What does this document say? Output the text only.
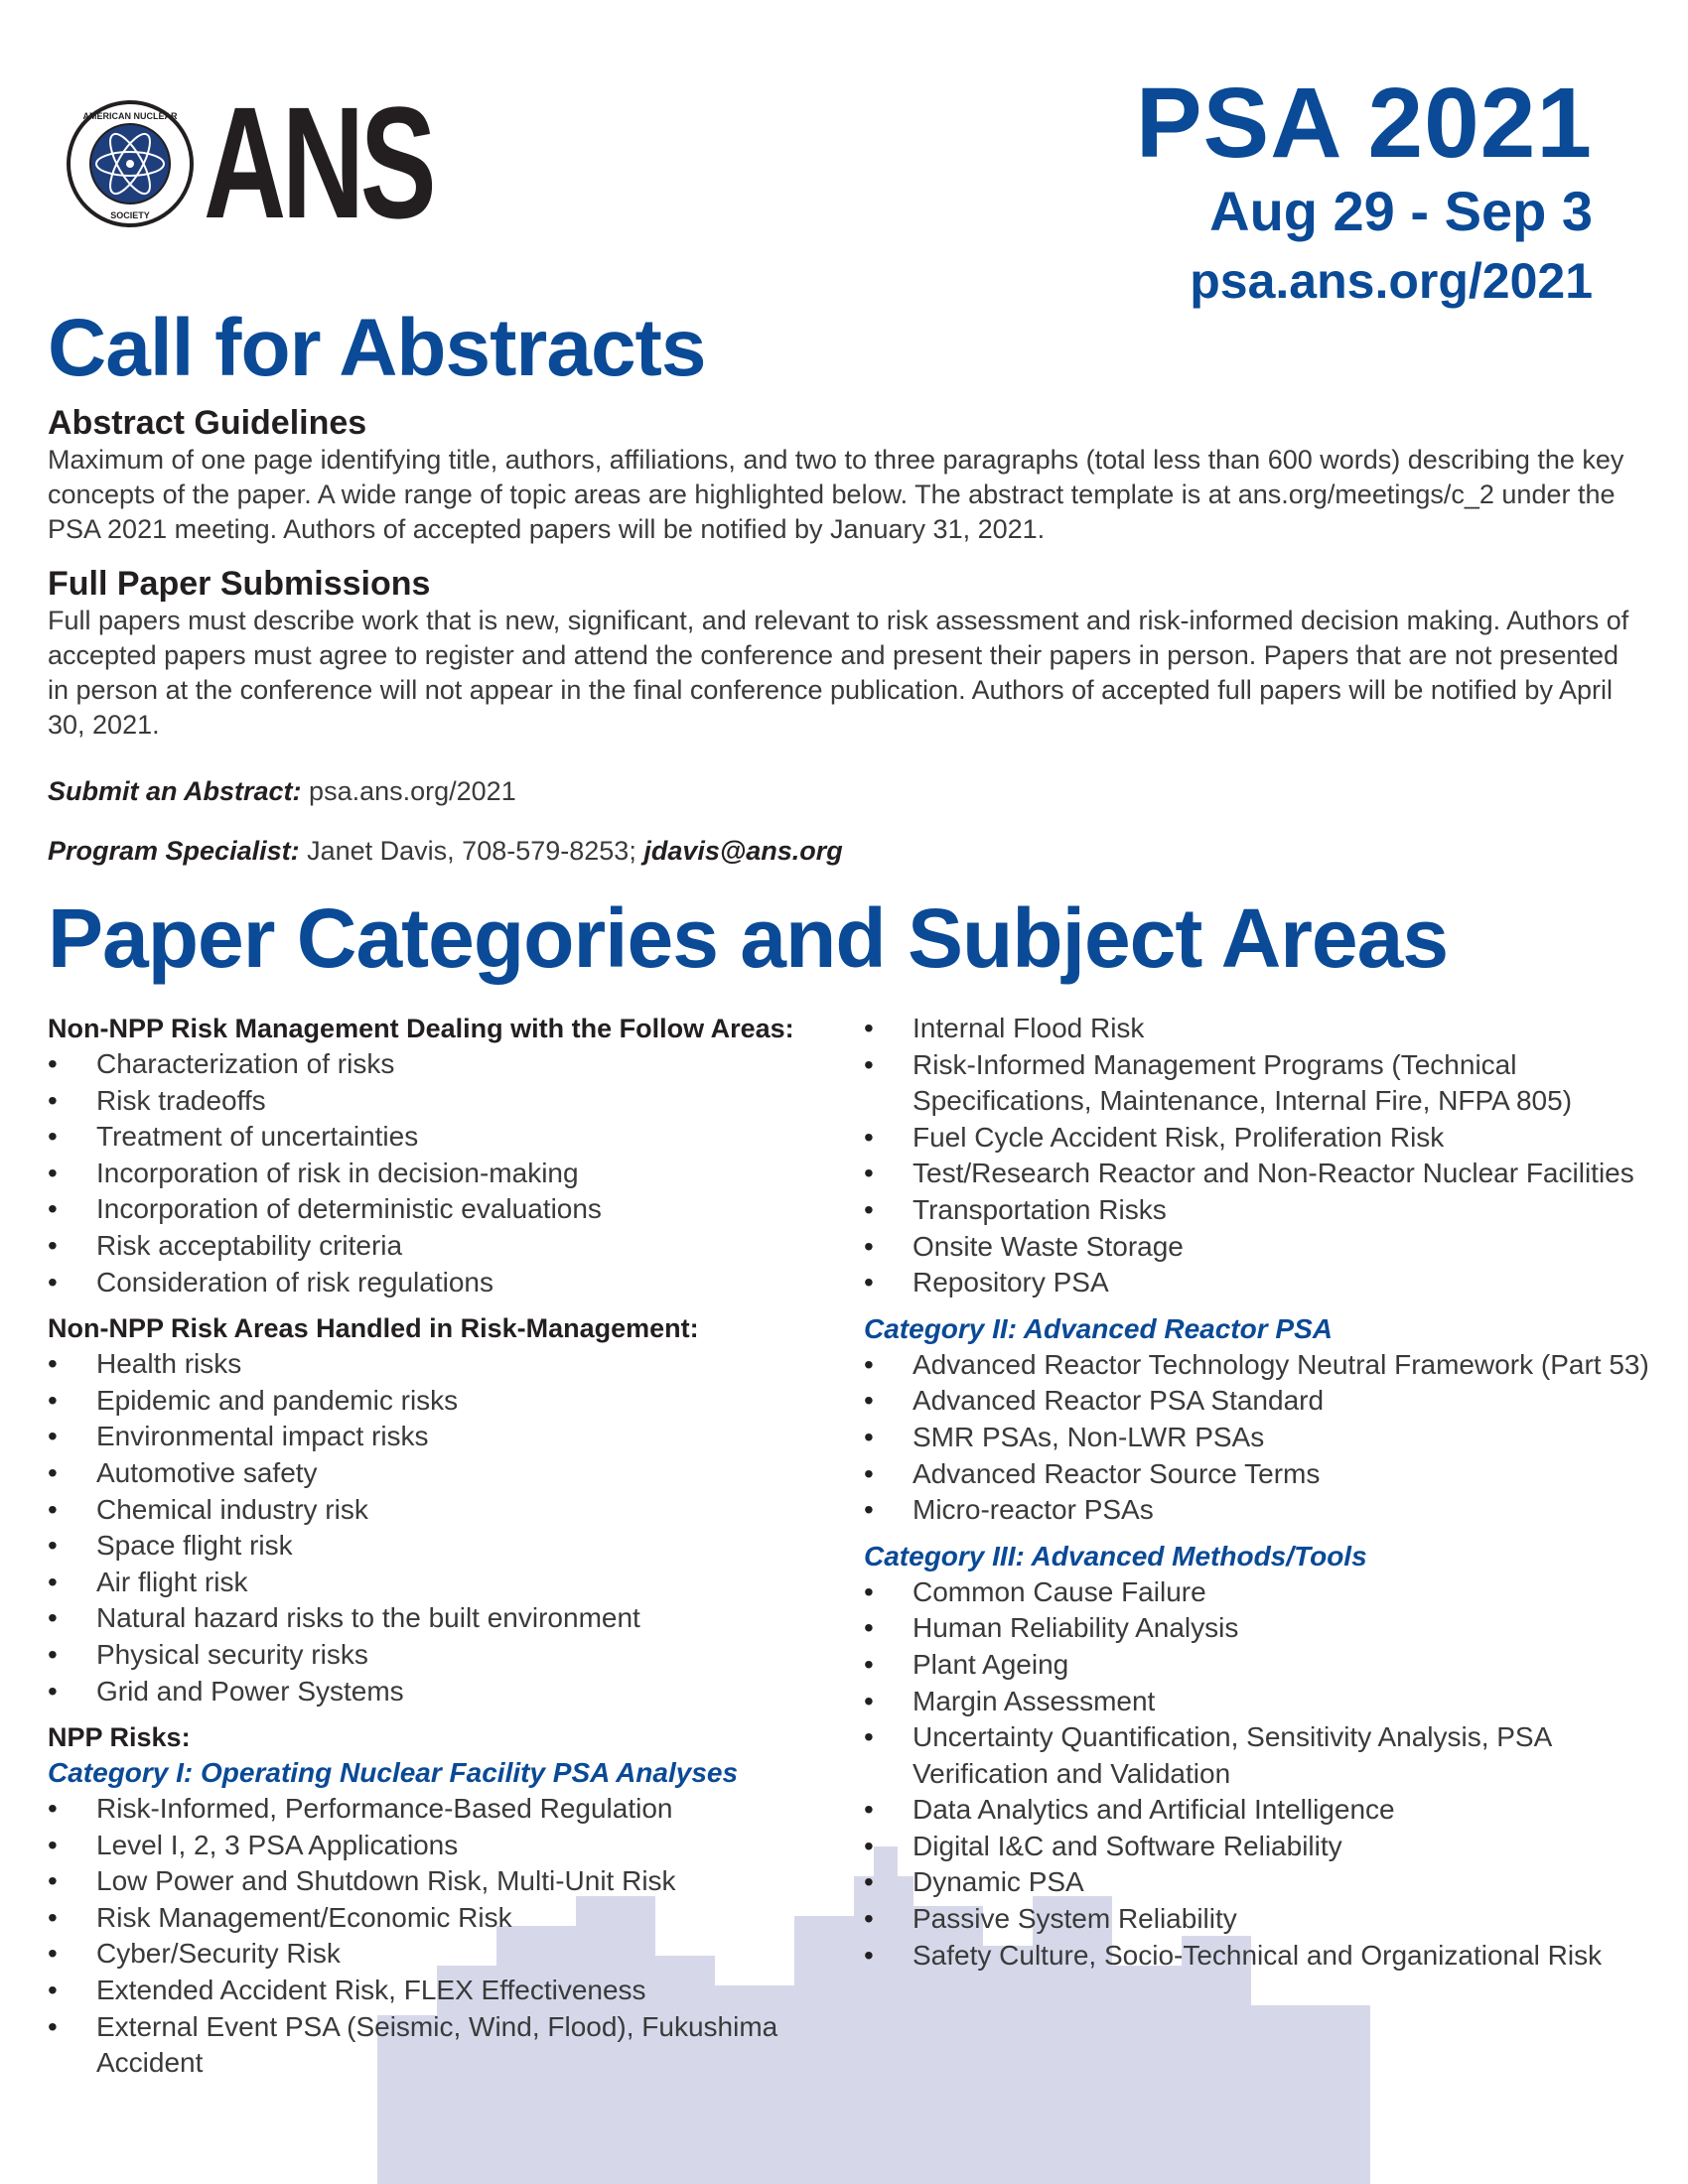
AMERICAN NUCLEAR
SOCIETY ANS	PSA 2021
Aug 29 - Sep 3
psa.ans.org/2021
Call for Abstracts
Abstract Guidelines

Maximum of one page identifying title, authors, affiliations, and two to three paragraphs (total less than 600 words) describing the key concepts of the paper. A wide range of topic areas are highlighted below. The abstract template is at ans.org/meetings/c_2 under the PSA 2021 meeting. Authors of accepted papers will be notified by January 31, 2021.

Full Paper Submissions

Full papers must describe work that is new, significant, and relevant to risk assessment and risk-informed decision making. Authors of accepted papers must agree to register and attend the conference and present their papers in person. Papers that are not presented in person at the conference will not appear in the final conference publication. Authors of accepted full papers will be notified by April 30, 2021.

Submit an Abstract: psa.ans.org/2021
Program Specialist: Janet Davis, 708-579-8253; jdavis@ans.org
Paper Categories and Subject Areas
Non-NPP Risk Management Dealing with the Follow Areas:
• Characterization of risks
• Risk tradeoffs
• Treatment of uncertainties
• Incorporation of risk in decision-making
• Incorporation of deterministic evaluations
• Risk acceptability criteria
• Consideration of risk regulations
Non-NPP Risk Areas Handled in Risk-Management:
• Health risks
• Epidemic and pandemic risks
• Environmental impact risks
• Automotive safety
• Chemical industry risk
• Space flight risk
• Air flight risk
• Natural hazard risks to the built environment
• Physical security risks
• Grid and Power Systems
NPP Risks:
Category I: Operating Nuclear Facility PSA Analyses
• Risk-Informed, Performance-Based Regulation
• Level I, 2, 3 PSA Applications
• Low Power and Shutdown Risk, Multi-Unit Risk
• Risk Management/Economic Risk
• Cyber/Security Risk
• Extended Accident Risk, FLEX Effectiveness
• External Event PSA (Seismic, Wind, Flood), Fukushima Accident
• Internal Flood Risk
• Risk-Informed Management Programs (Technical Specifications, Maintenance, Internal Fire, NFPA 805)
• Fuel Cycle Accident Risk, Proliferation Risk
• Test/Research Reactor and Non-Reactor Nuclear Facilities
• Transportation Risks
• Onsite Waste Storage
• Repository PSA
Category II: Advanced Reactor PSA
• Advanced Reactor Technology Neutral Framework (Part 53)
• Advanced Reactor PSA Standard
• SMR PSAs, Non-LWR PSAs
• Advanced Reactor Source Terms
• Micro-reactor PSAs
Category III: Advanced Methods/Tools
• Common Cause Failure
• Human Reliability Analysis
• Plant Ageing
• Margin Assessment
• Uncertainty Quantification, Sensitivity Analysis, PSA Verification and Validation
• Data Analytics and Artificial Intelligence
• Digital I&C and Software Reliability
• Dynamic PSA
• Passive System Reliability
• Safety Culture, Socio-Technical and Organizational Risk
